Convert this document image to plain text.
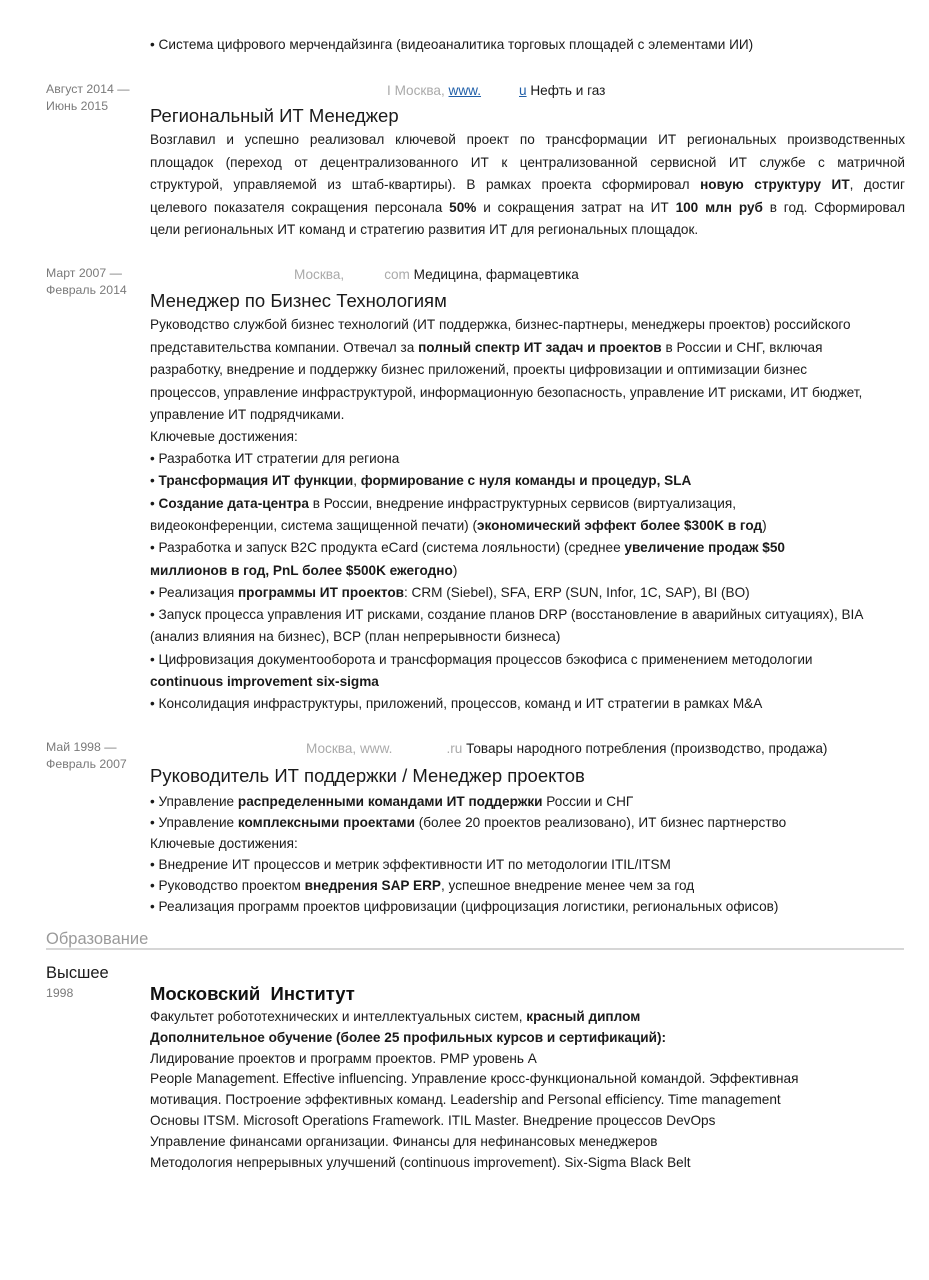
• Система цифрового мерчендайзинга (видеоаналитика торговых площадей с элементами ИИ)
Август 2014 —
Июнь 2015
I Москва, www.	u Нефть и газ
Региональный ИТ Менеджер
Возглавил и успешно реализовал ключевой проект по трансформации ИТ региональных производственных
площадок (переход от децентрализованного ИТ к централизованной сервисной ИТ службе с матричной
структурой, управляемой из штаб-квартиры). В рамках проекта сформировал новую структуру ИТ, достиг
целевого показателя сокращения персонала 50% и сокращения затрат на ИТ 100 млн руб в год. Сформировал
цели региональных ИТ команд и стратегию развития ИТ для региональных площадок.
Март 2007 —
Февраль 2014
Москва,	com Медицина, фармацевтика
Менеджер по Бизнес Технологиям
Руководство службой бизнес технологий (ИТ поддержка, бизнес-партнеры, менеджеры проектов) российского
представительства компании. Отвечал за полный спектр ИТ задач и проектов в России и СНГ, включая
разработку, внедрение и поддержку бизнес приложений, проекты цифровизации и оптимизации бизнес
процессов, управление инфраструктурой, информационную безопасность, управление ИТ рисками, ИТ бюджет,
управление ИТ подрядчиками.
Ключевые достижения:
• Разработка ИТ стратегии для региона
• Трансформация ИТ функции, формирование с нуля команды и процедур, SLA
• Создание дата-центра в России, внедрение инфраструктурных сервисов (виртуализация,
видеоконференции, система защищенной печати) (экономический эффект более $300K в год)
• Разработка и запуск B2C продукта eCard (система лояльности) (среднее увеличение продаж $50
миллионов в год, PnL более $500K ежегодно)
• Реализация программы ИТ проектов: CRM (Siebel), SFA, ERP (SUN, Infor, 1C, SAP), BI (BO)
• Запуск процесса управления ИТ рисками, создание планов DRP (восстановление в аварийных ситуациях), BIA
(анализ влияния на бизнес), BCP (план непрерывности бизнеса)
• Цифровизация документооборота и трансформация процессов бэкофиса с применением методологии
continuous improvement six-sigma
• Консолидация инфраструктуры, приложений, процессов, команд и ИТ стратегии в рамках M&A
Май 1998 —
Февраль 2007
Москва, www.	.ru Товары народного потребления (производство, продажа)
Руководитель ИТ поддержки / Менеджер проектов
• Управление распределенными командами ИТ поддержки России и СНГ
• Управление комплексными проектами (более 20 проектов реализовано), ИТ бизнес партнерство
Ключевые достижения:
• Внедрение ИТ процессов и метрик эффективности ИТ по методологии ITIL/ITSM
• Руководство проектом внедрения SAP ERP, успешное внедрение менее чем за год
• Реализация программ проектов цифровизации (цифроцизация логистики, региональных офисов)
Образование
Высшее
1998	Московский  Институт
Факультет робототехнических и интеллектуальных систем, красный диплом
Дополнительное обучение (более 25 профильных курсов и сертификаций):
Лидирование проектов и программ проектов. PMP уровень A
People Management. Effective influencing. Управление кросс-функциональной командой. Эффективная
мотивация. Построение эффективных команд. Leadership and Personal efficiency. Time management
Основы ITSM. Microsoft Operations Framework. ITIL Master. Внедрение процессов DevOps
Управление финансами организации. Финансы для нефинансовых менеджеров
Методология непрерывных улучшений (continuous improvement). Six-Sigma Black Belt
